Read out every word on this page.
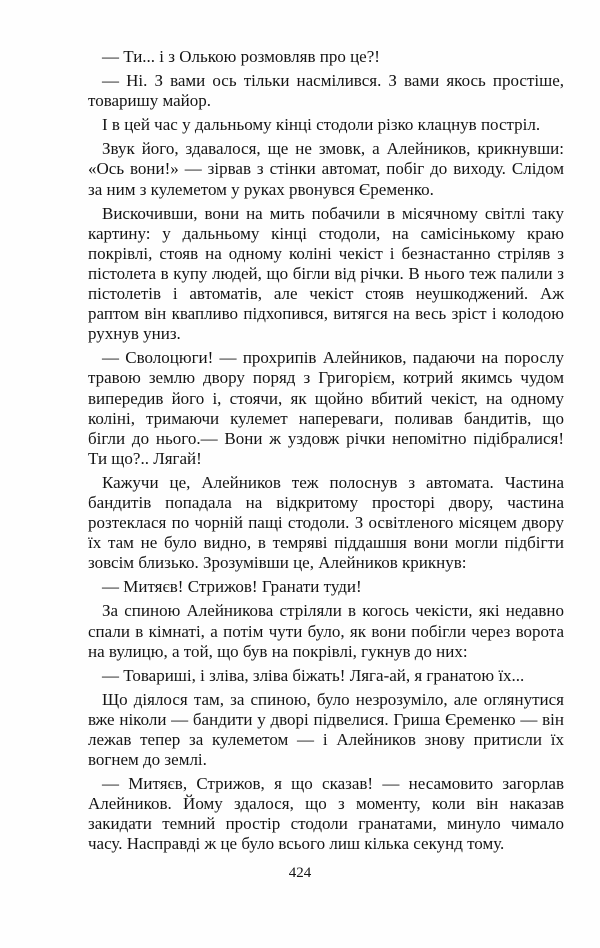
— Ти... і з Олькою розмовляв про це?!

— Ні. З вами ось тільки насмілився. З вами якось простіше, товаришу майор.

І в цей час у дальньому кінці стодоли різко клацнув постріл.

Звук його, здавалося, ще не змовк, а Алейников, крикнувши: «Ось вони!» — зірвав з стінки автомат, побіг до виходу. Слідом за ним з кулеметом у руках рвонувся Єременко.

Вискочивши, вони на мить побачили в місячному світлі таку картину: у дальньому кінці стодоли, на самісінькому краю покрівлі, стояв на одному коліні чекіст і безнастанно стріляв з пістолета в купу людей, що бігли від річки. В нього теж палили з пістолетів і автоматів, але чекіст стояв неушкоджений. Аж раптом він квапливо підхопився, витягся на весь зріст і колодою рухнув униз.

— Сволоцюги! — прохрипів Алейников, падаючи на порослу травою землю двору поряд з Григорієм, котрий якимсь чудом випередив його і, стоячи, як щойно вбитий чекіст, на одному коліні, тримаючи кулемет напереваги, поливав бандитів, що бігли до нього.— Вони ж уздовж річки непомітно підібралися! Ти що?.. Лягай!

Кажучи це, Алейников теж полоснув з автомата. Частина бандитів попадала на відкритому просторі двору, частина розтеклася по чорній пащі стодоли. З освітленого місяцем двору їх там не було видно, в темряві піддашшя вони могли підбігти зовсім близько. Зрозумівши це, Алейников крикнув:

— Митяєв! Стрижов! Гранати туди!

За спиною Алейникова стріляли в когось чекісти, які недавно спали в кімнаті, а потім чути було, як вони побігли через ворота на вулицю, а той, що був на покрівлі, гукнув до них:

— Товариші, і зліва, зліва біжать! Ляга-ай, я гранатою їх...

Що діялося там, за спиною, було незрозуміло, але оглянутися вже ніколи — бандити у дворі підвелися. Гриша Єременко — він лежав тепер за кулеметом — і Алейников знову притисли їх вогнем до землі.

— Митяєв, Стрижов, я що сказав! — несамовито загорлав Алейников. Йому здалося, що з моменту, коли він наказав закидати темний простір стодоли гранатами, минуло чимало часу. Насправді ж це було всього лиш кілька секунд тому.

424
